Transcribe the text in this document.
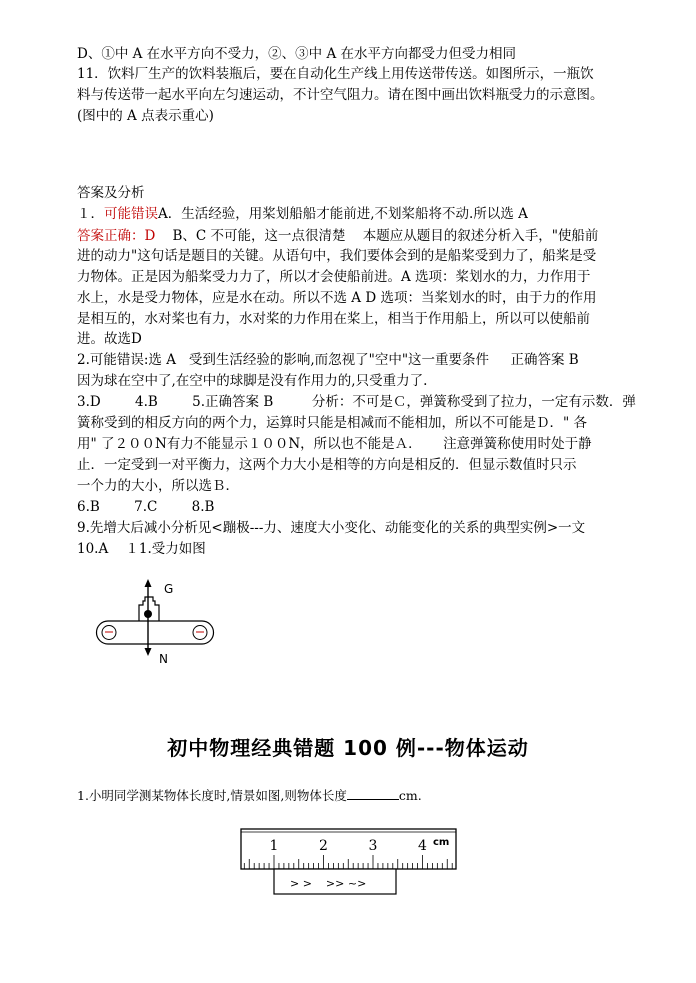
D、①中 A 在水平方向不受力，②、③中 A 在水平方向都受力但受力相同
11．饮料厂生产的饮料装瓶后，要在自动化生产线上用传送带传送。如图所示，一瓶饮
料与传送带一起水平向左匀速运动，不计空气阻力。请在图中画出饮料瓶受力的示意图。
(图中的 A 点表示重心)
答案及分析
１．可能错误A．生活经验，用桨划船船才能前进,不划桨船将不动.所以选 A
答案正确：D    B、C 不可能，这一点很清楚    本题应从题目的叙述分析入手，"使船前
进的动力"这句话是题目的关键。从语句中，我们要体会到的是船桨受到力了，船桨是受
力物体。正是因为船桨受力力了，所以才会使船前进。A 选项：桨划水的力，力作用于
水上，水是受力物体，应是水在动。所以不选 A D 选项：当桨划水的时，由于力的作用
是相互的，水对桨也有力，水对桨的力作用在桨上，相当于作用船上，所以可以使船前
进。故选D
2.可能错误:选 A   受到生活经验的影响,而忽视了"空中"这一重要条件     正确答案 B
因为球在空中了,在空中的球脚是没有作用力的,只受重力了.
3.D        4.B        5.正确答案 B         分析：不可是Ｃ，弹簧称受到了拉力，一定有示数．弹
簧称受到的相反方向的两个力，运算时只能是相减而不能相加，所以不可能是Ｄ．" 各
用" 了２００N有力不能显示１００N，所以也不能是Ａ．     注意弹簧称使用时处于静
止．一定受到一对平衡力，这两个力大小是相等的方向是相反的．但显示数值时只示
一个力的大小，所以选Ｂ．
6.B        7.C        8.B
9.先增大后减小分析见<蹦极---力、速度大小变化、动能变化的关系的典型实例>一文
10.A    １1.受力如图
G
N
初中物理经典错题 100 例---物体运动
1.小明同学测某物体长度时,情景如图,则物体长度	cm.
1	2	3	4 cm
> >    >> ~>
